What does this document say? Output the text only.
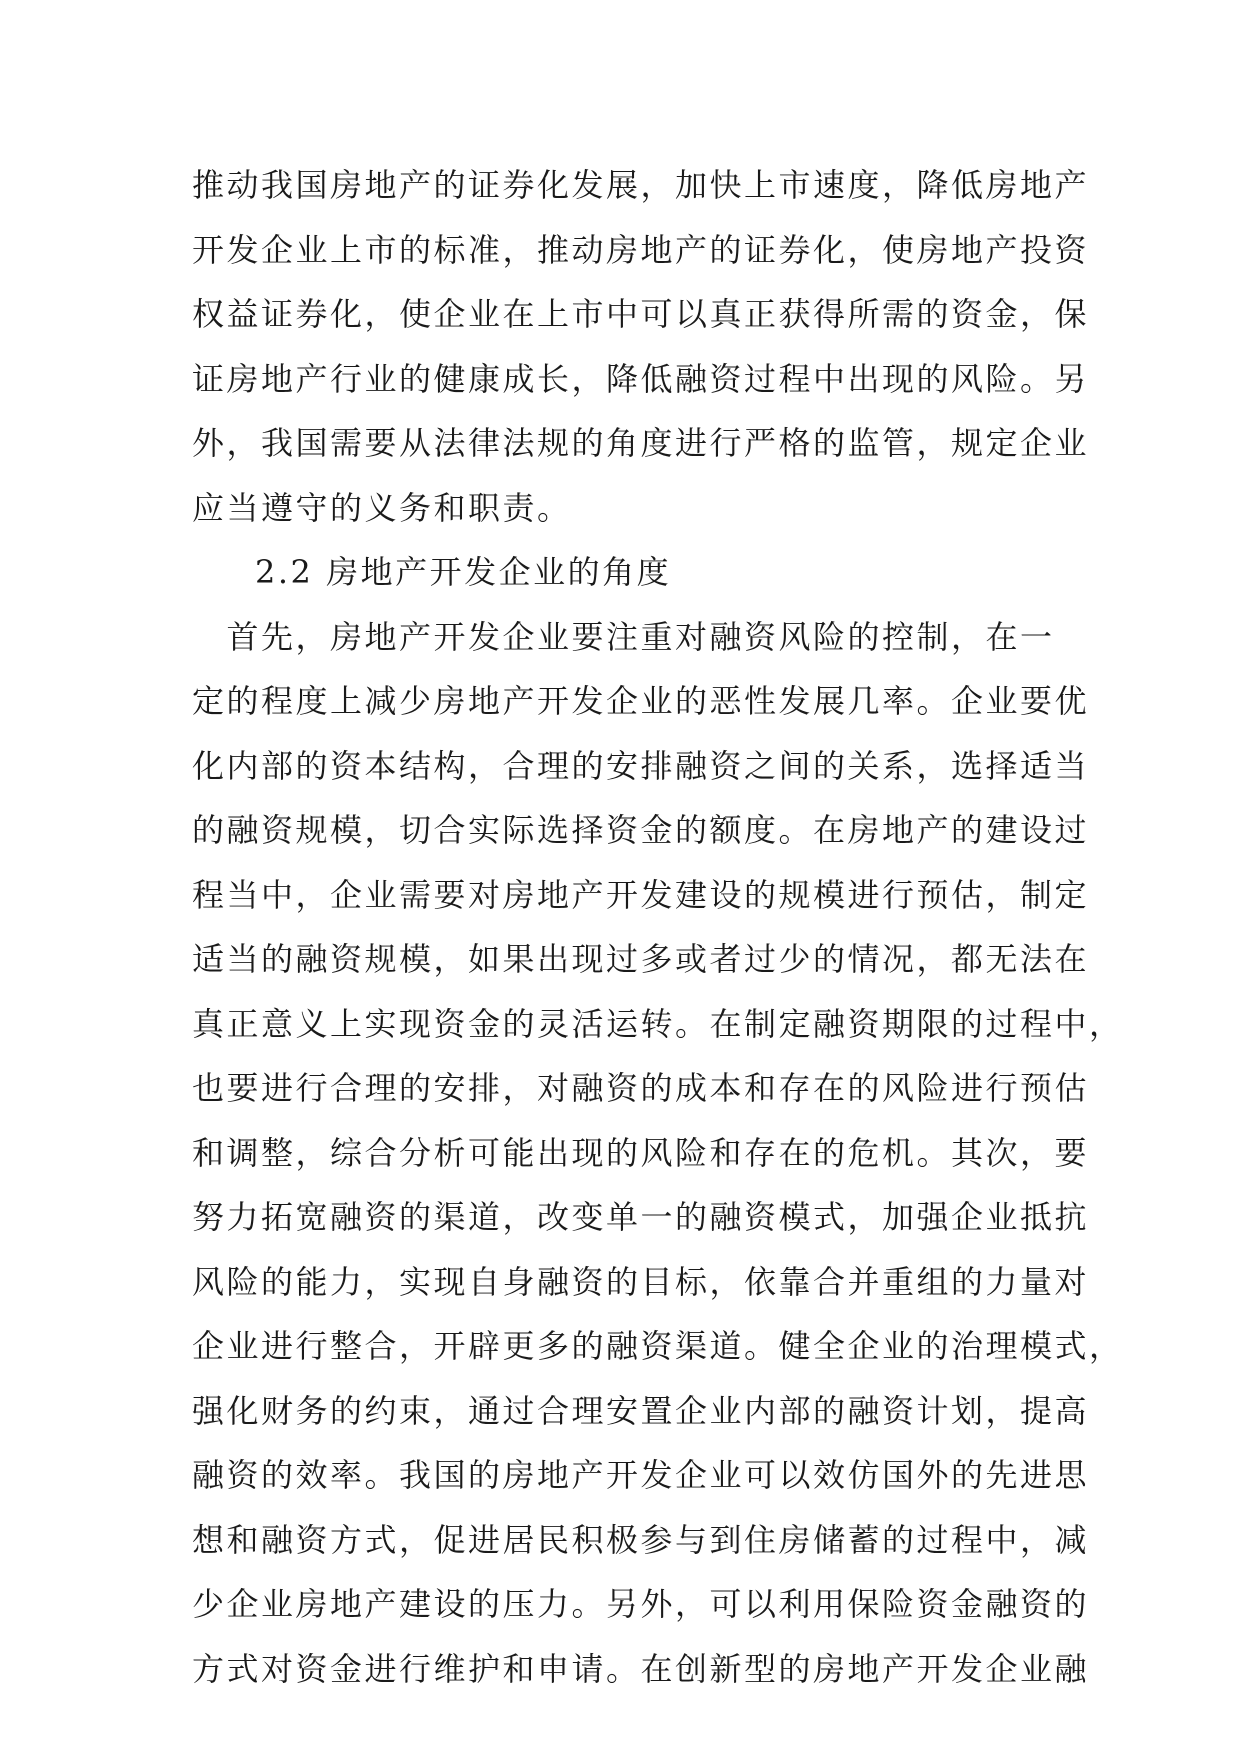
推动我国房地产的证券化发展，加快上市速度，降低房地产
开发企业上市的标准，推动房地产的证券化，使房地产投资
权益证券化，使企业在上市中可以真正获得所需的资金，保
证房地产行业的健康成长，降低融资过程中出现的风险。另
外，我国需要从法律法规的角度进行严格的监管，规定企业
应当遵守的义务和职责。
2.2 房地产开发企业的角度
　首先，房地产开发企业要注重对融资风险的控制，在一
定的程度上减少房地产开发企业的恶性发展几率。企业要优
化内部的资本结构，合理的安排融资之间的关系，选择适当
的融资规模，切合实际选择资金的额度。在房地产的建设过
程当中，企业需要对房地产开发建设的规模进行预估，制定
适当的融资规模，如果出现过多或者过少的情况，都无法在
真正意义上实现资金的灵活运转。在制定融资期限的过程中，
也要进行合理的安排，对融资的成本和存在的风险进行预估
和调整，综合分析可能出现的风险和存在的危机。其次，要
努力拓宽融资的渠道，改变单一的融资模式，加强企业抵抗
风险的能力，实现自身融资的目标，依靠合并重组的力量对
企业进行整合，开辟更多的融资渠道。健全企业的治理模式，
强化财务的约束，通过合理安置企业内部的融资计划，提高
融资的效率。我国的房地产开发企业可以效仿国外的先进思
想和融资方式，促进居民积极参与到住房储蓄的过程中，减
少企业房地产建设的压力。另外，可以利用保险资金融资的
方式对资金进行维护和申请。在创新型的房地产开发企业融
